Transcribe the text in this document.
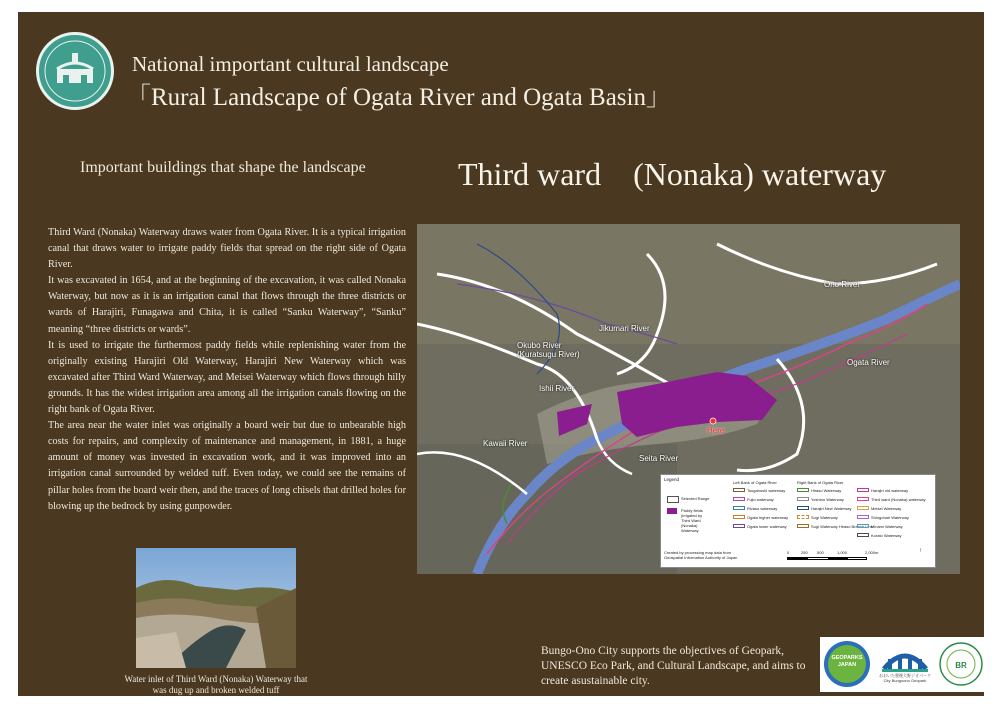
National important cultural landscape
「Rural Landscape of Ogata River and Ogata Basin」
Important buildings that shape the landscape	Third ward　(Nonaka) waterway

Third Ward (Nonaka) Waterway draws water from Ogata River. It is a typical irrigation canal that draws water to irrigate paddy fields that spread on the right side of Ogata River.

It was excavated in 1654, and at the beginning of the excavation, it was called Nonaka Waterway, but now as it is an irrigation canal that flows through the three districts or wards of Harajiri, Funagawa and Chita, it is called “Sanku Waterway”, “Sanku” meaning “three districts or wards”.

It is used to irrigate the furthermost paddy fields while replenishing water from the originally existing Harajiri Old Waterway, Harajiri New Waterway which was excavated after Third Ward Waterway, and Meisei Waterway which flows through hilly grounds. It has the widest irrigation area among all the irrigation canals flowing on the right bank of Ogata River.

The area near the water inlet was originally a board weir but due to unbearable high costs for repairs, and complexity of maintenance and management, in 1881, a huge amount of money was invested in excavation work, and it was improved into an irrigation canal surrounded by welded tuff. Even today, we could see the remains of pillar holes from the board weir then, and the traces of long chisels that drilled holes for blowing up the bedrock by using gunpowder.

Water inlet of Third Ward (Nonaka) Waterway that was dug up and broken welded tuff
Ono River
Jikumari River
Okubo River
(Kuratsugu River)
Ogata River
Ishii River
Kawaii River
Seita River
Here
Legend
Selected Range
Paddy fields (irrigated by Third Ward (Nonaka) Waterway
Left Bank of Ogata River
Tsugahoshi waterway
Fujio waterway
Rivaso waterway
Ogata higher waterway
Ogata lower waterway
Right Bank of Ogata River
Hiraso Waterway
Yoshino Waterway
Harajiri New Waterway
Sugi Waterway
Sugi Waterway Hiraso Branch Line
Harajiri old waterway
Third ward (Nonaka) waterway
Meisei Waterway
Shingohari Waterway
Minami Waterway
Kurato Waterway
Created by processing map data from Geospatial Information Authority of Japan
0	250 500	1,000	2,000m	↑
Bungo-Ono City supports the objectives of Geopark, UNESCO Eco Park, and Cultural Landscape, and aims to create asustainable city.
GEOPARKS JAPAN
おおいた豊後大野ジオパーク City Bungoono Geopark
BR
